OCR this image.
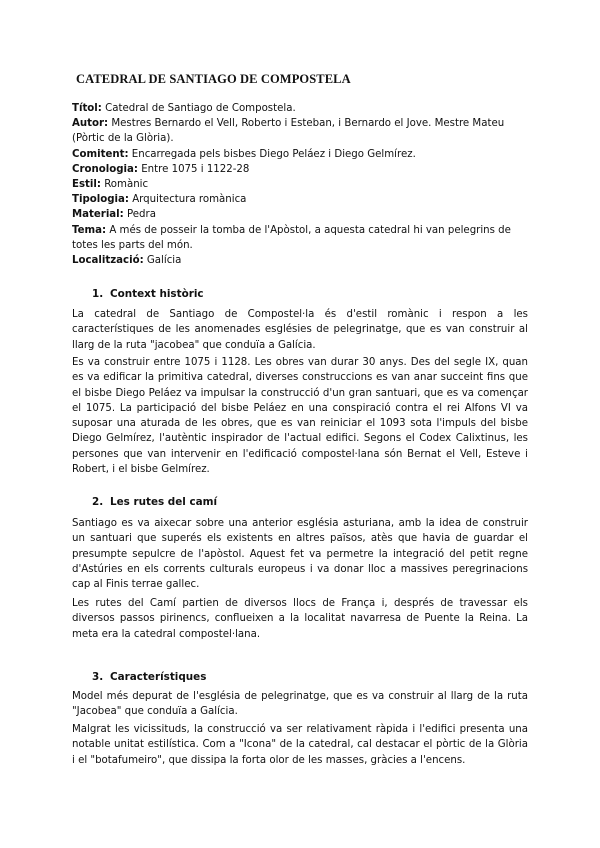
CATEDRAL DE SANTIAGO DE COMPOSTELA

Títol: Catedral de Santiago de Compostela.

Autor: Mestres Bernardo el Vell, Roberto i Esteban, i Bernardo el Jove. Mestre Mateu (Pòrtic de la Glòria).

Comitent: Encarregada pels bisbes Diego Peláez i Diego Gelmírez.

Cronologia: Entre 1075 i 1122-28

Estil: Romànic

Tipologia: Arquitectura romànica

Material: Pedra

Tema: A més de posseir la tomba de l'Apòstol, a aquesta catedral hi van pelegrins de totes les parts del món.

Localització: Galícia

1. Context històric

La catedral de Santiago de Compostel·la és d'estil romànic i respon a les característiques de les anomenades esglésies de pelegrinatge, que es van construir al llarg de la ruta "jacobea" que conduïa a Galícia.

Es va construir entre 1075 i 1128. Les obres van durar 30 anys. Des del segle IX, quan es va edificar la primitiva catedral, diverses construccions es van anar succeint fins que el bisbe Diego Peláez va impulsar la construcció d'un gran santuari, que es va començar el 1075. La participació del bisbe Peláez en una conspiració contra el rei Alfons VI va suposar una aturada de les obres, que es van reiniciar el 1093 sota l'impuls del bisbe Diego Gelmírez, l'autèntic inspirador de l'actual edifici. Segons el Codex Calixtinus, les persones que van intervenir en l'edificació compostel·lana són Bernat el Vell, Esteve i Robert, i el bisbe Gelmírez.

2. Les rutes del camí

Santiago es va aixecar sobre una anterior església asturiana, amb la idea de construir un santuari que superés els existents en altres països, atès que havia de guardar el presumpte sepulcre de l'apòstol. Aquest fet va permetre la integració del petit regne d'Astúries en els corrents culturals europeus i va donar lloc a massives peregrinacions cap al Finis terrae gallec.

Les rutes del Camí partien de diversos llocs de França i, després de travessar els diversos passos pirinencs, conflueixen a la localitat navarresa de Puente la Reina. La meta era la catedral compostel·lana.

3. Característiques

Model més depurat de l'església de pelegrinatge, que es va construir al llarg de la ruta "Jacobea" que conduïa a Galícia.

Malgrat les vicissituds, la construcció va ser relativament ràpida i l'edifici presenta una notable unitat estilística. Com a "Icona" de la catedral, cal destacar el pòrtic de la Glòria i el "botafumeiro", que dissipa la forta olor de les masses, gràcies a l'encens.
